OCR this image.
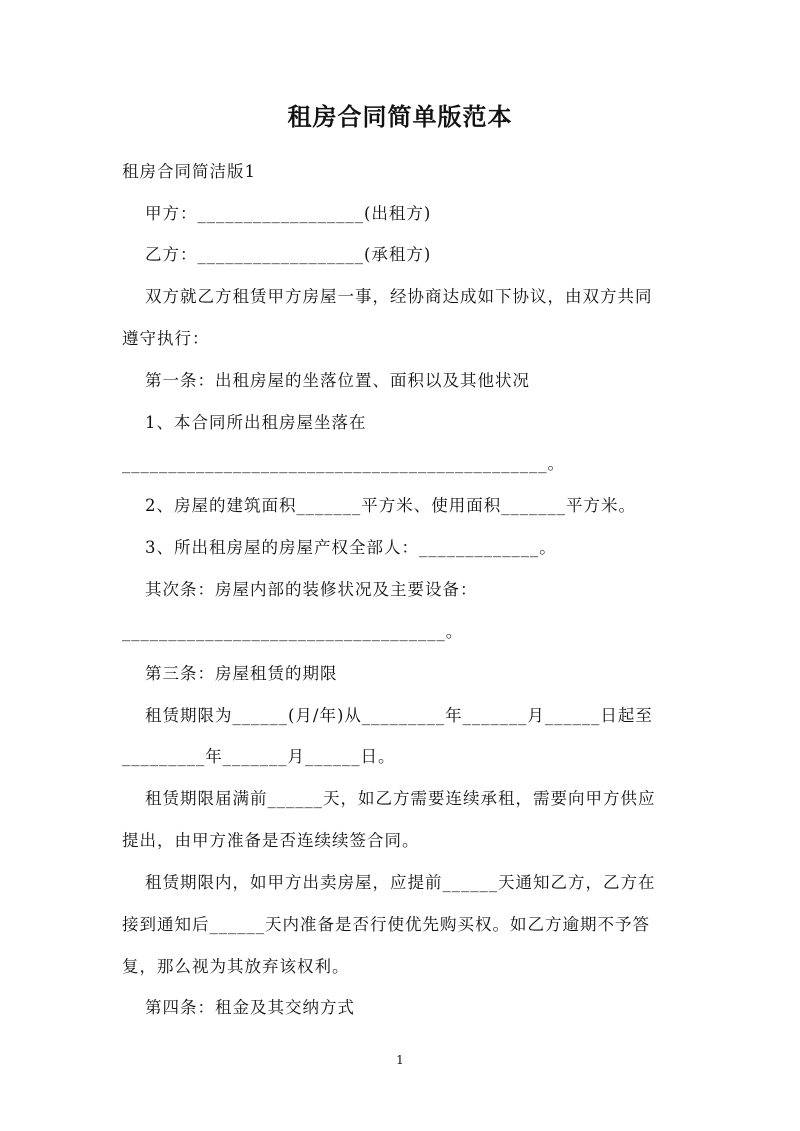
租房合同简单版范本
租房合同简洁版1
甲方：__________________(出租方)
乙方：__________________(承租方)
双方就乙方租赁甲方房屋一事，经协商达成如下协议，由双方共同
遵守执行：
第一条：出租房屋的坐落位置、面积以及其他状况
1、本合同所出租房屋坐落在
______________________________________________。
2、房屋的建筑面积_______平方米、使用面积_______平方米。
3、所出租房屋的房屋产权全部人：_____________。
其次条：房屋内部的装修状况及主要设备：
___________________________________。
第三条：房屋租赁的期限
租赁期限为______(月/年)从_________年_______月______日起至
_________年_______月______日。
租赁期限届满前______天，如乙方需要连续承租，需要向甲方供应
提出，由甲方准备是否连续续签合同。
租赁期限内，如甲方出卖房屋，应提前______天通知乙方，乙方在
接到通知后______天内准备是否行使优先购买权。如乙方逾期不予答
复，那么视为其放弃该权利。
第四条：租金及其交纳方式
1
